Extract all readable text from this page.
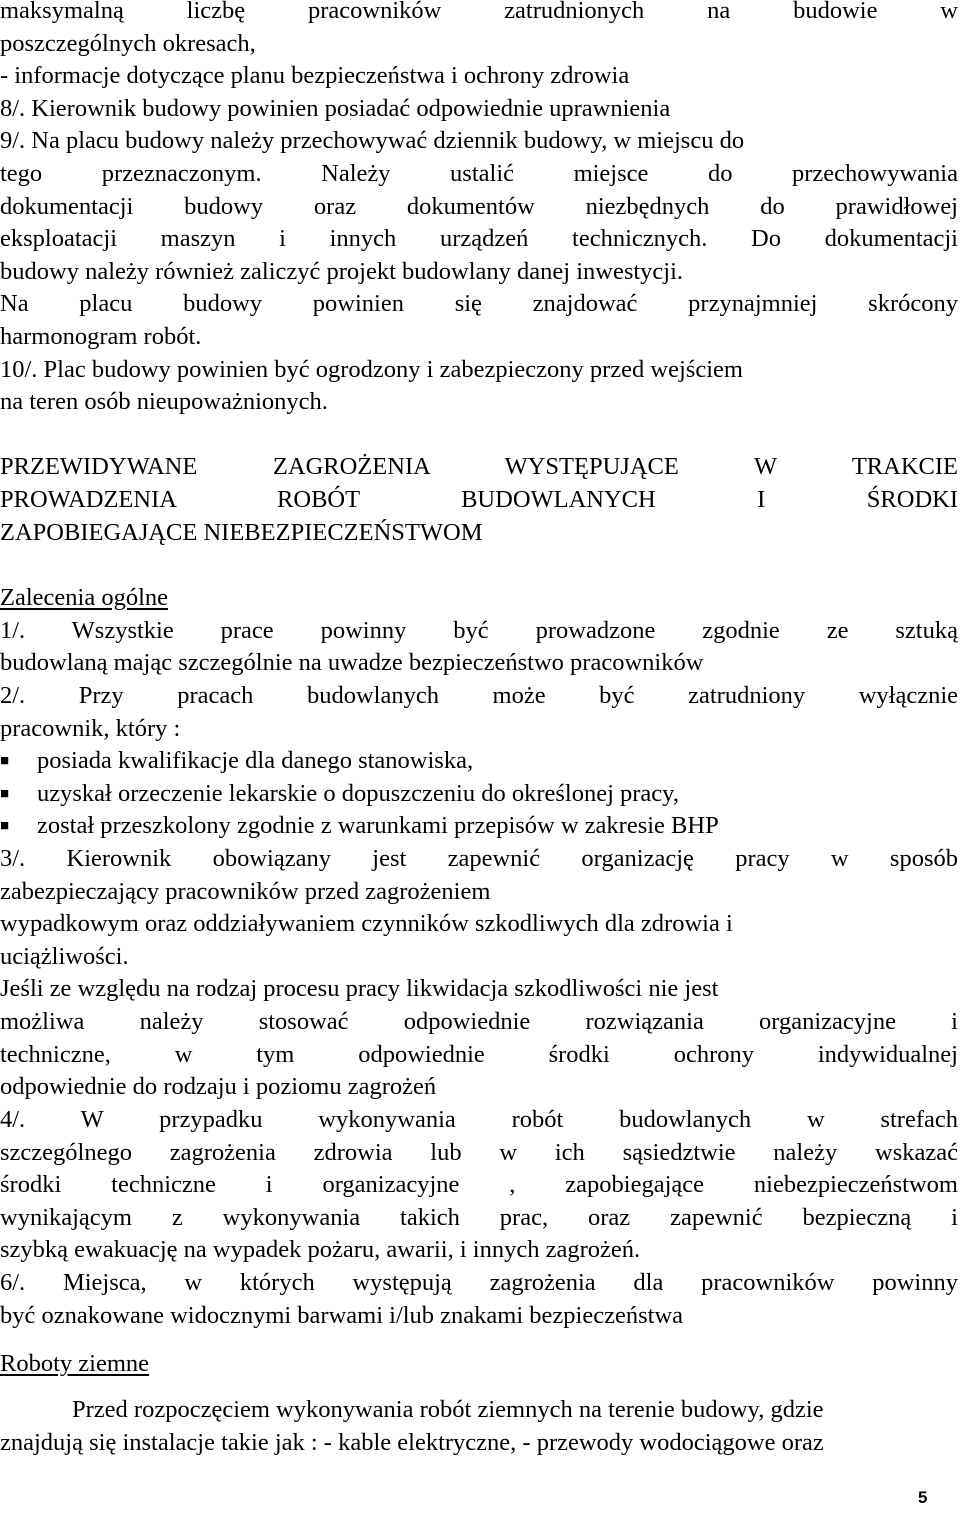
maksymalną liczbę pracowników zatrudnionych na budowie w
poszczególnych okresach,
- informacje dotyczące planu bezpieczeństwa i ochrony zdrowia
8/. Kierownik budowy powinien posiadać odpowiednie uprawnienia
9/. Na placu budowy należy przechowywać dziennik budowy, w miejscu do
tego przeznaczonym. Należy ustalić miejsce do przechowywania
dokumentacji budowy oraz dokumentów niezbędnych do prawidłowej
eksploatacji maszyn i innych urządzeń technicznych. Do dokumentacji
budowy należy również zaliczyć projekt budowlany danej inwestycji.
Na placu budowy powinien się znajdować przynajmniej skrócony
harmonogram robót.
10/. Plac budowy powinien być ogrodzony i zabezpieczony przed wejściem
na teren osób nieupoważnionych.
PRZEWIDYWANE ZAGROŻENIA WYSTĘPUJĄCE W TRAKCIE
PROWADZENIA ROBÓT BUDOWLANYCH I ŚRODKI
ZAPOBIEGAJĄCE NIEBEZPIECZEŃSTWOM
Zalecenia ogólne
1/. Wszystkie prace powinny być prowadzone zgodnie ze sztuką
budowlaną mając szczególnie na uwadze bezpieczeństwo pracowników
2/. Przy pracach budowlanych może być zatrudniony wyłącznie
pracownik, który :
■ posiada kwalifikacje dla danego stanowiska,
■ uzyskał orzeczenie lekarskie o dopuszczeniu do określonej pracy,
■ został przeszkolony zgodnie z warunkami przepisów w zakresie BHP
3/. Kierownik obowiązany jest zapewnić organizację pracy w sposób
zabezpieczający pracowników przed zagrożeniem
wypadkowym oraz oddziaływaniem czynników szkodliwych dla zdrowia i
uciążliwości.
Jeśli ze względu na rodzaj procesu pracy likwidacja szkodliwości nie jest
możliwa należy stosować odpowiednie rozwiązania organizacyjne i
techniczne, w tym odpowiednie środki ochrony indywidualnej
odpowiednie do rodzaju i poziomu zagrożeń
4/. W przypadku wykonywania robót budowlanych w strefach
szczególnego zagrożenia zdrowia lub w ich sąsiedztwie należy wskazać
środki techniczne i organizacyjne , zapobiegające niebezpieczeństwom
wynikającym z wykonywania takich prac, oraz zapewnić bezpieczną i
szybką ewakuację na wypadek pożaru, awarii, i innych zagrożeń.
6/. Miejsca, w których występują zagrożenia dla pracowników powinny
być oznakowane widocznymi barwami i/lub znakami bezpieczeństwa
Roboty ziemne
Przed rozpoczęciem wykonywania robót ziemnych na terenie budowy, gdzie
znajdują się instalacje takie jak : - kable elektryczne, - przewody wodociągowe oraz
5
